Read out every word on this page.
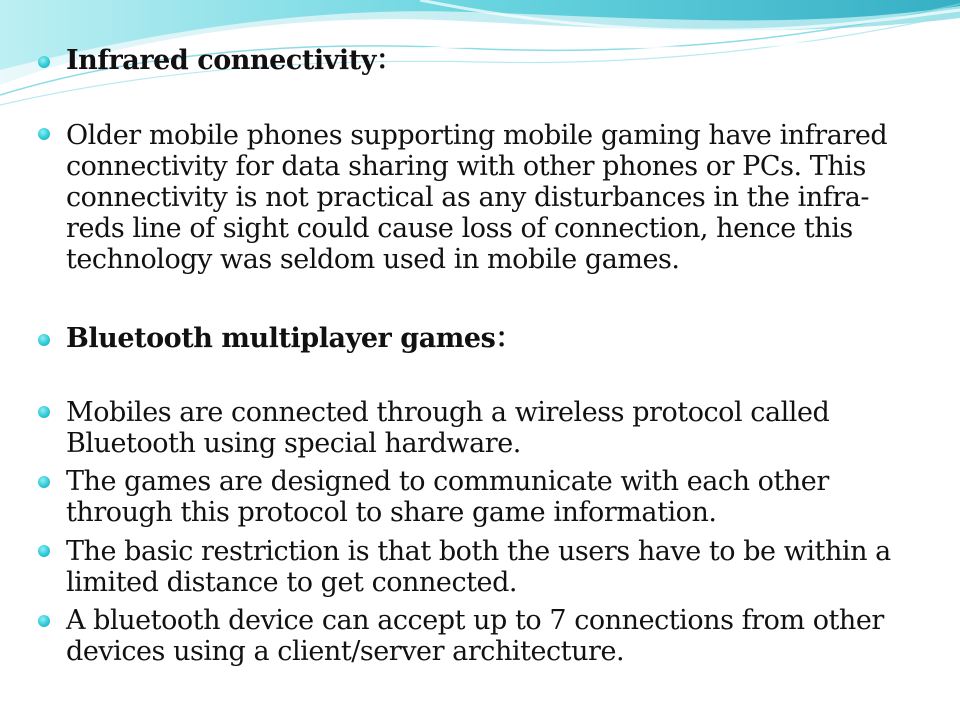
Infrared connectivity：
Older mobile phones supporting mobile gaming have infrared connectivity for data sharing with other phones or PCs. This connectivity is not practical as any disturbances in the infra-reds line of sight could cause loss of connection, hence this technology was seldom used in mobile games.
Bluetooth multiplayer games：
Mobiles are connected through a wireless protocol called Bluetooth using special hardware.
The games are designed to communicate with each other through this protocol to share game information.
The basic restriction is that both the users have to be within a limited distance to get connected.
A bluetooth device can accept up to 7 connections from other devices using a client/server architecture.
